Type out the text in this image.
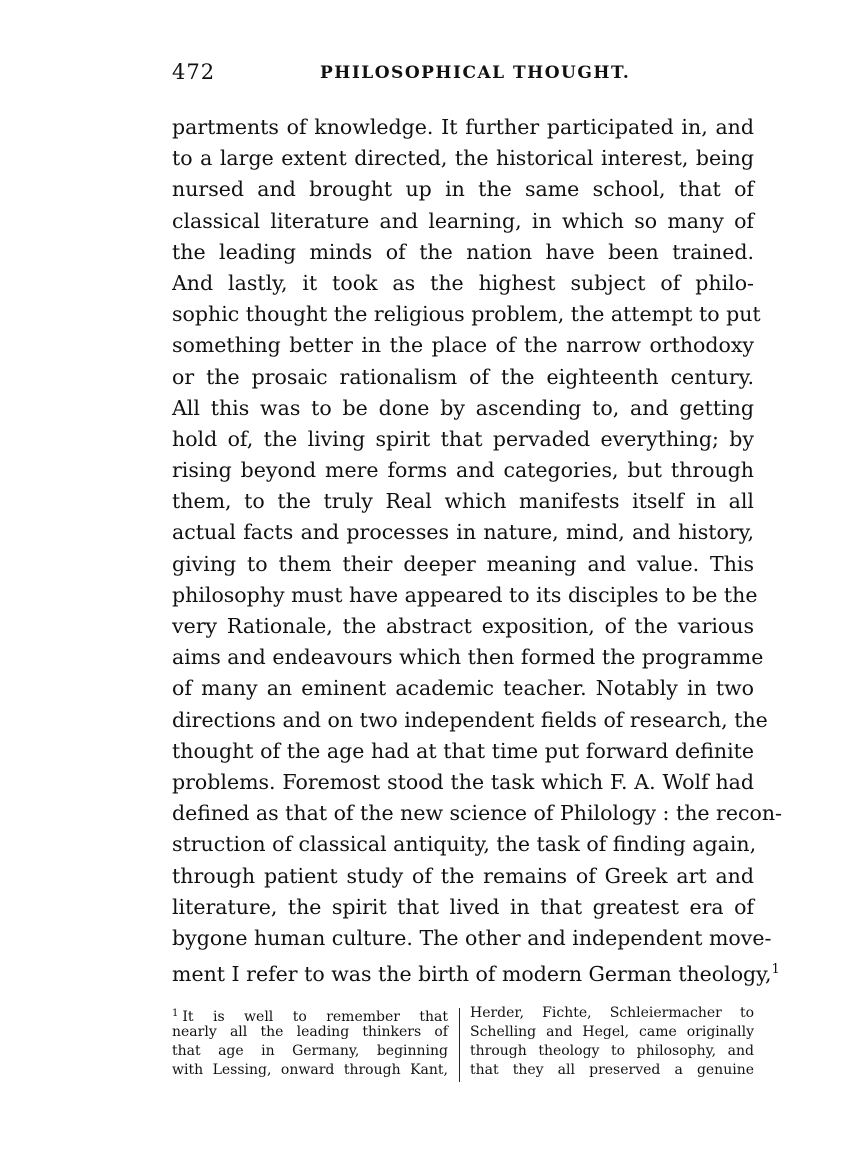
472	PHILOSOPHICAL THOUGHT.
partments of knowledge. It further participated in, and
to a large extent directed, the historical interest, being
nursed and brought up in the same school, that of
classical literature and learning, in which so many of
the leading minds of the nation have been trained.
And lastly, it took as the highest subject of philo-
sophic thought the religious problem, the attempt to put
something better in the place of the narrow orthodoxy
or the prosaic rationalism of the eighteenth century.
All this was to be done by ascending to, and getting
hold of, the living spirit that pervaded everything; by
rising beyond mere forms and categories, but through
them, to the truly Real which manifests itself in all
actual facts and processes in nature, mind, and history,
giving to them their deeper meaning and value. This
philosophy must have appeared to its disciples to be the
very Rationale, the abstract exposition, of the various
aims and endeavours which then formed the programme
of many an eminent academic teacher. Notably in two
directions and on two independent fields of research, the
thought of the age had at that time put forward definite
problems. Foremost stood the task which F. A. Wolf had
defined as that of the new science of Philology : the recon-
struction of classical antiquity, the task of finding again,
through patient study of the remains of Greek art and
literature, the spirit that lived in that greatest era of
bygone human culture. The other and independent move-
ment I refer to was the birth of modern German theology,$^1$
$^1$ It is well to remember that
nearly all the leading thinkers of
that age in Germany, beginning
with Lessing, onward through Kant,
Herder, Fichte, Schleiermacher to
Schelling and Hegel, came originally
through theology to philosophy, and
that they all preserved a genuine
